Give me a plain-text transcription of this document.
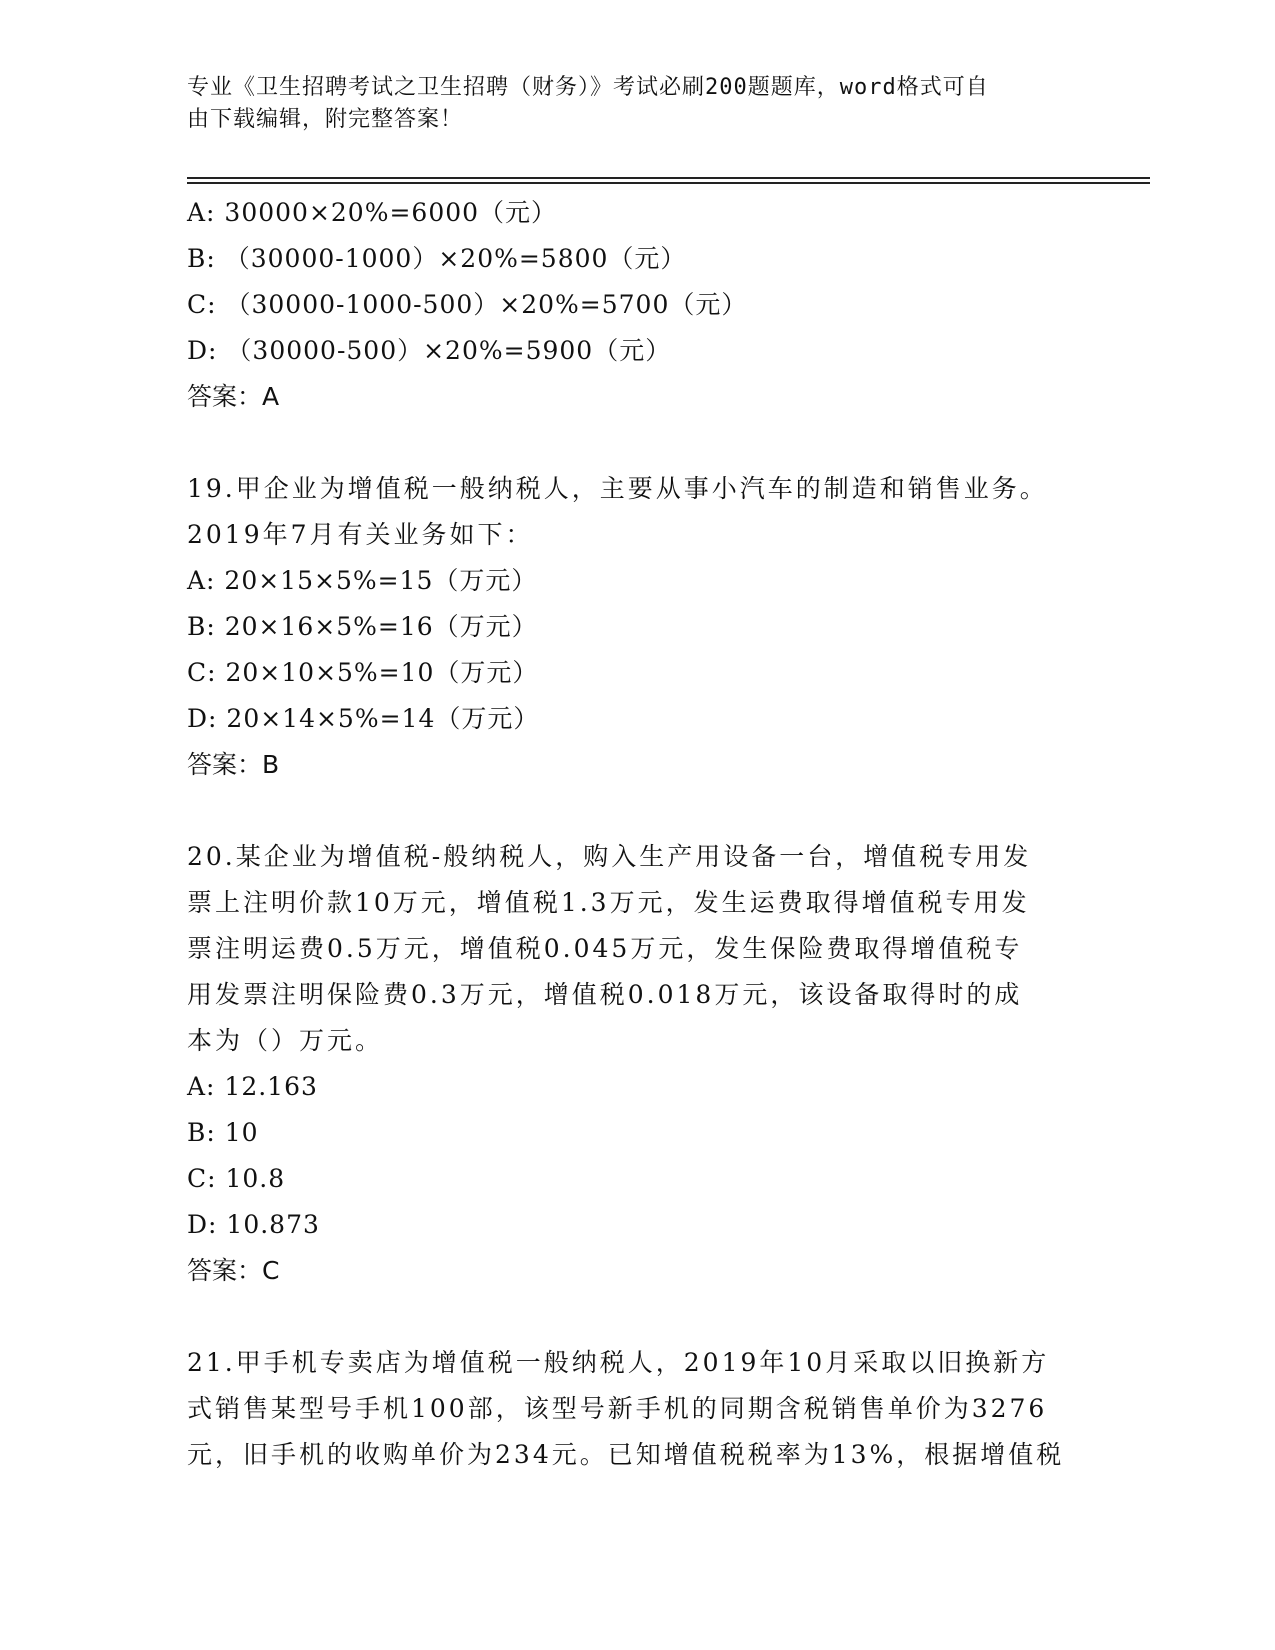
专业《卫生招聘考试之卫生招聘（财务）》考试必刷200题题库，word格式可自
由下载编辑，附完整答案！
A: 30000×20%=6000（元）
B: （30000-1000）×20%=5800（元）
C: （30000-1000-500）×20%=5700（元）
D: （30000-500）×20%=5900（元）
答案：A
19.甲企业为增值税一般纳税人，主要从事小汽车的制造和销售业务。
2019年7月有关业务如下：
A: 20×15×5%=15（万元）
B: 20×16×5%=16（万元）
C: 20×10×5%=10（万元）
D: 20×14×5%=14（万元）
答案：B
20.某企业为增值税-般纳税人，购入生产用设备一台，增值税专用发
票上注明价款10万元，增值税1.3万元，发生运费取得增值税专用发
票注明运费0.5万元，增值税0.045万元，发生保险费取得增值税专
用发票注明保险费0.3万元，增值税0.018万元，该设备取得时的成
本为（）万元。
A: 12.163
B: 10
C: 10.8
D: 10.873
答案：C
21.甲手机专卖店为增值税一般纳税人，2019年10月采取以旧换新方
式销售某型号手机100部，该型号新手机的同期含税销售单价为3276
元，旧手机的收购单价为234元。已知增值税税率为13%，根据增值税
